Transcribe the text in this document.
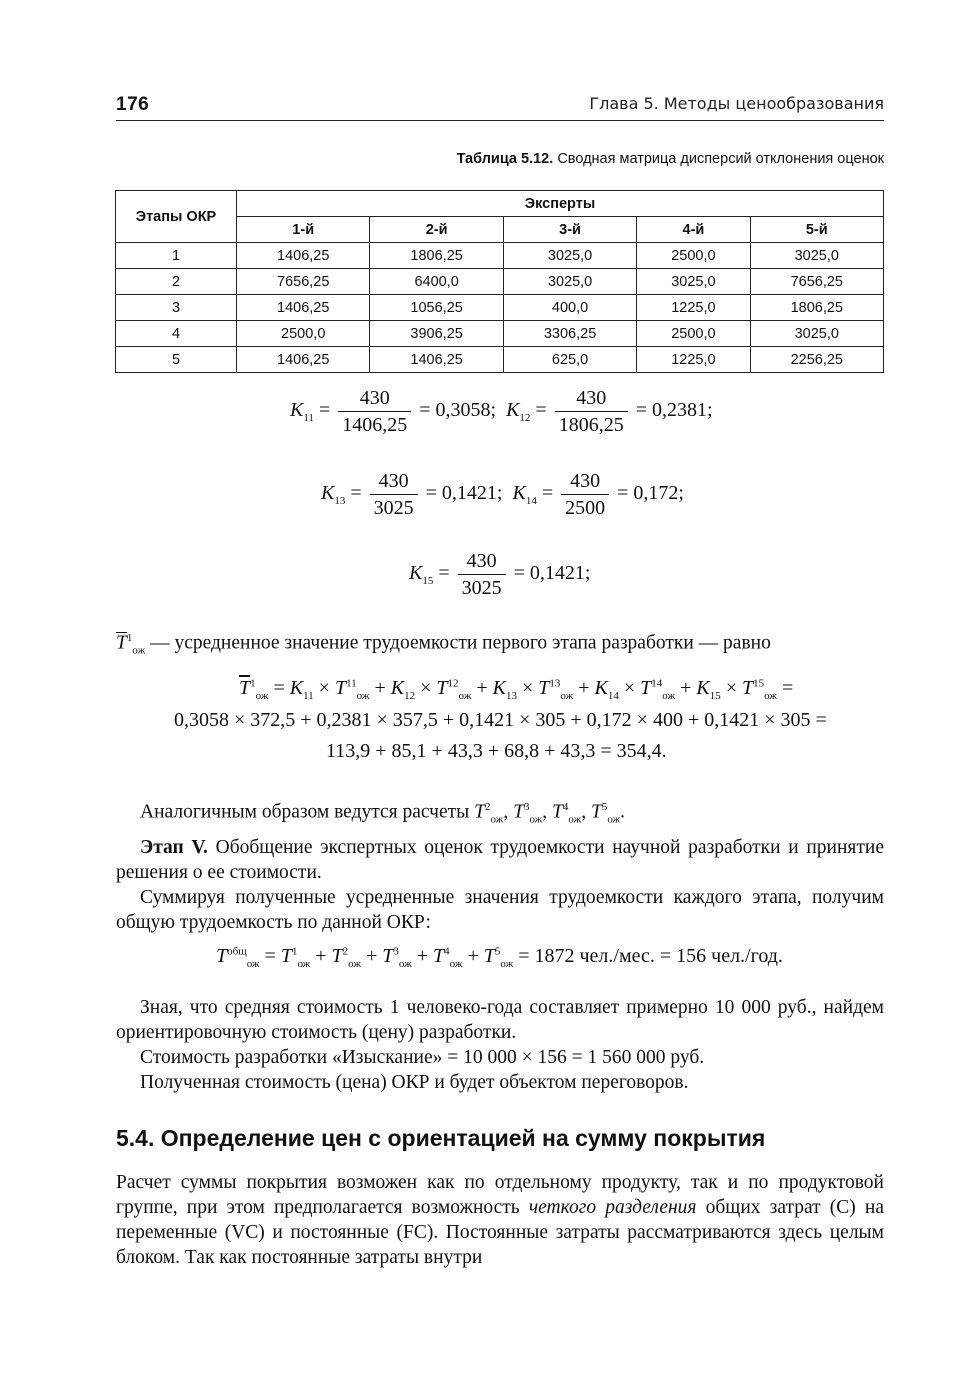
176	Глава 5. Методы ценообразования
Таблица 5.12. Сводная матрица дисперсий отклонения оценок
Этапы ОКР	Эксперты				
	1-й	2-й	3-й	4-й	5-й
1	1406,25	1806,25	3025,0	2500,0	3025,0
2	7656,25	6400,0	3025,0	3025,0	7656,25
3	1406,25	1056,25	400,0	1225,0	1806,25
4	2500,0	3906,25	3306,25	2500,0	3025,0
5	1406,25	1406,25	625,0	1225,0	2256,25
$K_{11} = \frac{430}{1406,25} = 0,3058$; $K_{12} = \frac{430}{1806,25} = 0,2381$;
$K_{13} = \frac{430}{3025} = 0,1421$; $K_{14} = \frac{430}{2500} = 0,172$;
$K_{15} = \frac{430}{3025} = 0,1421$;
$\overline{T}^1_{ож}$ — усредненное значение трудоемкости первого этапа разработки — равно
$\overline{T}^1_{ож} = K_{11} \times T^{11}_{ож} + K_{12} \times T^{12}_{ож} + K_{13} \times T^{13}_{ож} + K_{14} \times T^{14}_{ож} + K_{15} \times T^{15}_{ож}$ =
0,3058 × 372,5 + 0,2381 × 357,5 + 0,1421 × 305 + 0,172 × 400 + 0,1421 × 305 =
113,9 + 85,1 + 43,3 + 68,8 + 43,3 = 354,4.
Аналогичным образом ведутся расчеты $T^2_{ож}$, $T^3_{ож}$, $T^4_{ож}$, $T^5_{ож}$.
Этап V. Обобщение экспертных оценок трудоемкости научной разработки и принятие решения о ее стоимости.
Суммируя полученные усредненные значения трудоемкости каждого этапа, получим общую трудоемкость по данной ОКР:
$T^{общ}_{ож} = T^1_{ож} + T^2_{ож} + T^3_{ож} + T^4_{ож} + T^5_{ож} = 1872$ чел./мес. = 156 чел./год.
Зная, что средняя стоимость 1 человеко-года составляет примерно 10 000 руб., найдем ориентировочную стоимость (цену) разработки.
Стоимость разработки «Изыскание» = 10 000 × 156 = 1 560 000 руб.
Полученная стоимость (цена) ОКР и будет объектом переговоров.
5.4. Определение цен с ориентацией на сумму покрытия
Расчет суммы покрытия возможен как по отдельному продукту, так и по продуктовой группе, при этом предполагается возможность четкого разделения общих затрат (C) на переменные (VC) и постоянные (FC). Постоянные затраты рассматриваются здесь целым блоком. Так как постоянные затраты внутри
